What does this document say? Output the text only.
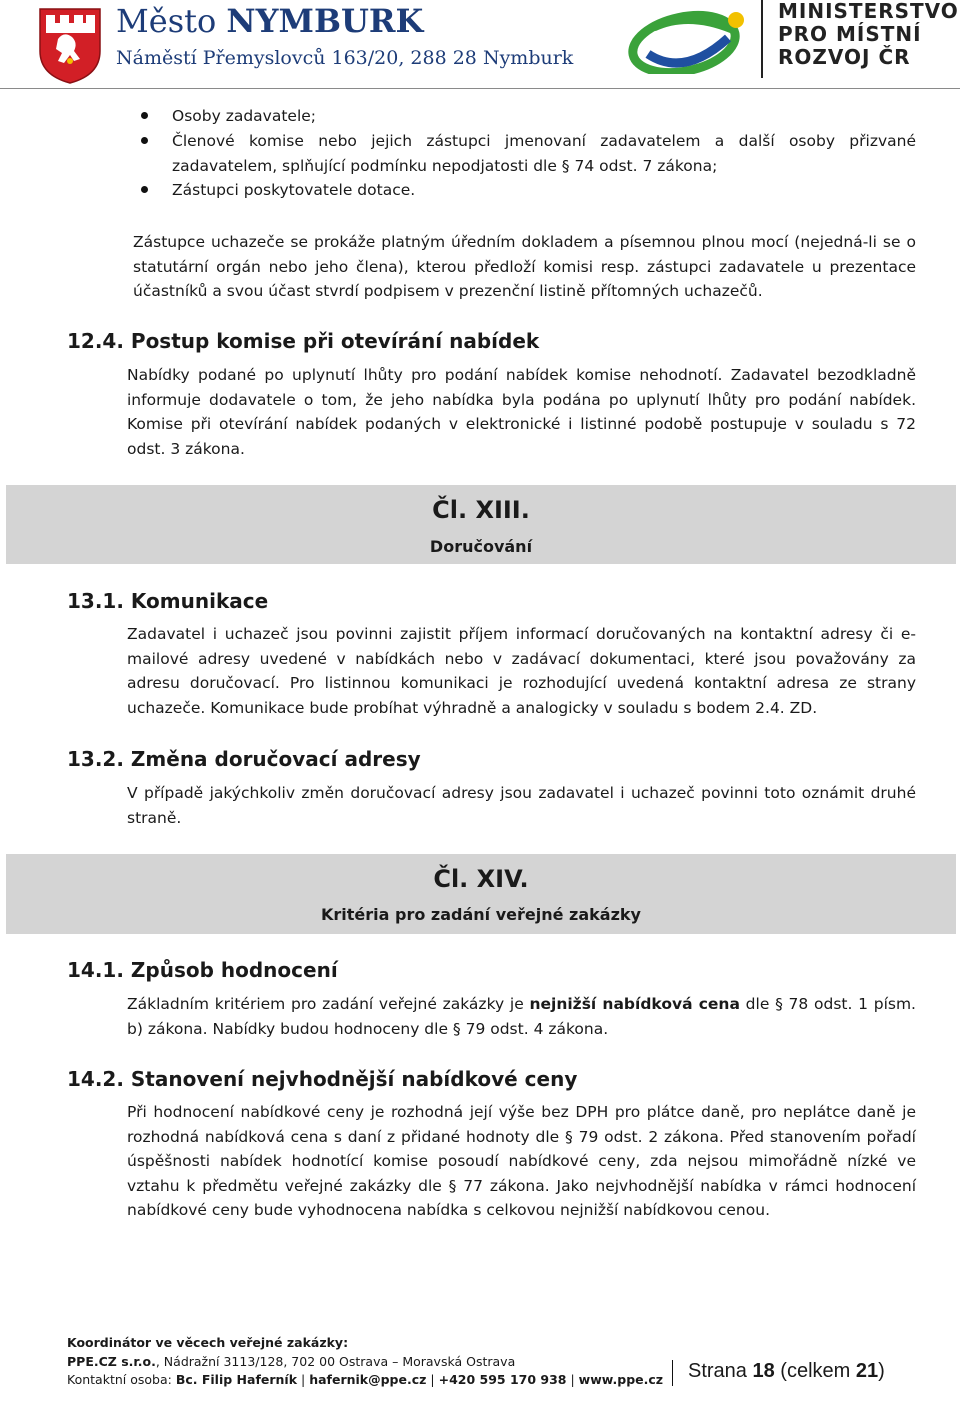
Město NYMBURK
Náměstí Přemyslovců 163/20, 288 28 Nymburk
MINISTERSTVO
PRO MÍSTNÍ
ROZVOJ ČR
Osoby zadavatele;
Členové komise nebo jejich zástupci jmenovaní zadavatelem a další osoby přizvané zadavatelem, splňující podmínku nepodjatosti dle § 74 odst. 7 zákona;
Zástupci poskytovatele dotace.
Zástupce uchazeče se prokáže platným úředním dokladem a písemnou plnou mocí (nejedná-li se o statutární orgán nebo jeho člena), kterou předloží komisi resp. zástupci zadavatele u prezentace účastníků a svou účast stvrdí podpisem v prezenční listině přítomných uchazečů.
12.4. Postup komise při otevírání nabídek
Nabídky podané po uplynutí lhůty pro podání nabídek komise nehodnotí. Zadavatel bezodkladně informuje dodavatele o tom, že jeho nabídka byla podána po uplynutí lhůty pro podání nabídek. Komise při otevírání nabídek podaných v elektronické i listinné podobě postupuje v souladu s 72 odst. 3 zákona.
Čl. XIII.
Doručování
13.1. Komunikace
Zadavatel i uchazeč jsou povinni zajistit příjem informací doručovaných na kontaktní adresy či e-mailové adresy uvedené v nabídkách nebo v zadávací dokumentaci, které jsou považovány za adresu doručovací. Pro listinnou komunikaci je rozhodující uvedená kontaktní adresa ze strany uchazeče. Komunikace bude probíhat výhradně a analogicky v souladu s bodem 2.4. ZD.
13.2. Změna doručovací adresy
V případě jakýchkoliv změn doručovací adresy jsou zadavatel i uchazeč povinni toto oznámit druhé straně.
Čl. XIV.
Kritéria pro zadání veřejné zakázky
14.1. Způsob hodnocení
Základním kritériem pro zadání veřejné zakázky je nejnižší nabídková cena dle § 78 odst. 1 písm. b) zákona. Nabídky budou hodnoceny dle § 79 odst. 4 zákona.
14.2. Stanovení nejvhodnější nabídkové ceny
Při hodnocení nabídkové ceny je rozhodná její výše bez DPH pro plátce daně, pro neplátce daně je rozhodná nabídková cena s daní z přidané hodnoty dle § 79 odst. 2 zákona. Před stanovením pořadí úspěšnosti nabídek hodnotící komise posoudí nabídkové ceny, zda nejsou mimořádně nízké ve vztahu k předmětu veřejné zakázky dle § 77 zákona. Jako nejvhodnější nabídka v rámci hodnocení nabídkové ceny bude vyhodnocena nabídka s celkovou nejnižší nabídkovou cenou.
Koordinátor ve věcech veřejné zakázky:
PPE.CZ s.r.o., Nádražní 3113/128, 702 00 Ostrava – Moravská Ostrava
Kontaktní osoba: Bc. Filip Haferník | hafernik@ppe.cz | +420 595 170 938 | www.ppe.cz Strana 18 (celkem 21)
